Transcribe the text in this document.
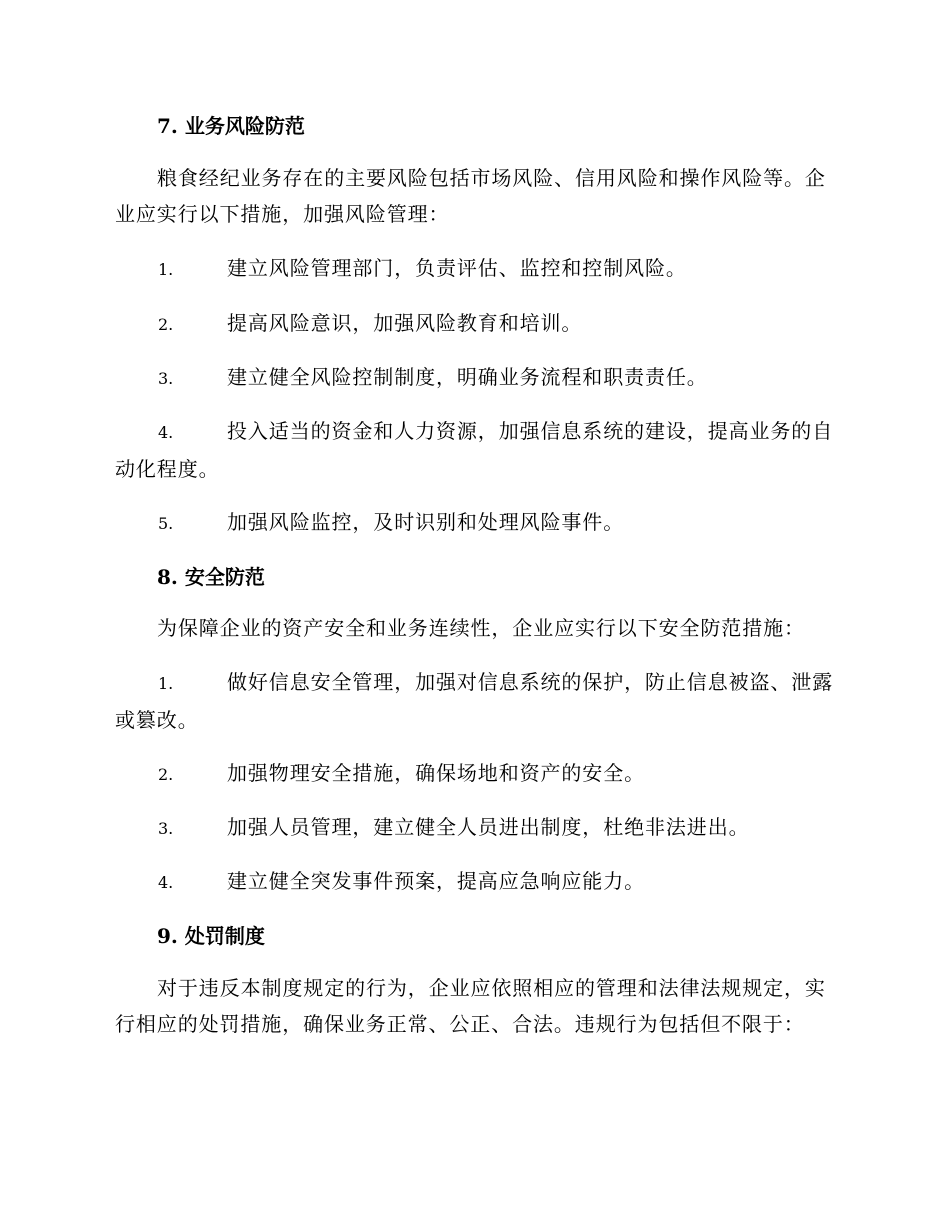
7. 业务风险防范
粮食经纪业务存在的主要风险包括市场风险、信用风险和操作风险等。企业应实行以下措施，加强风险管理：
1.	建立风险管理部门，负责评估、监控和控制风险。
2.	提高风险意识，加强风险教育和培训。
3.	建立健全风险控制制度，明确业务流程和职责责任。
4.	投入适当的资金和人力资源，加强信息系统的建设，提高业务的自动化程度。
5.	加强风险监控，及时识别和处理风险事件。
8. 安全防范
为保障企业的资产安全和业务连续性，企业应实行以下安全防范措施：
1.	做好信息安全管理，加强对信息系统的保护，防止信息被盗、泄露或篡改。
2.	加强物理安全措施，确保场地和资产的安全。
3.	加强人员管理，建立健全人员进出制度，杜绝非法进出。
4.	建立健全突发事件预案，提高应急响应能力。
9. 处罚制度
对于违反本制度规定的行为，企业应依照相应的管理和法律法规规定，实行相应的处罚措施，确保业务正常、公正、合法。违规行为包括但不限于：
